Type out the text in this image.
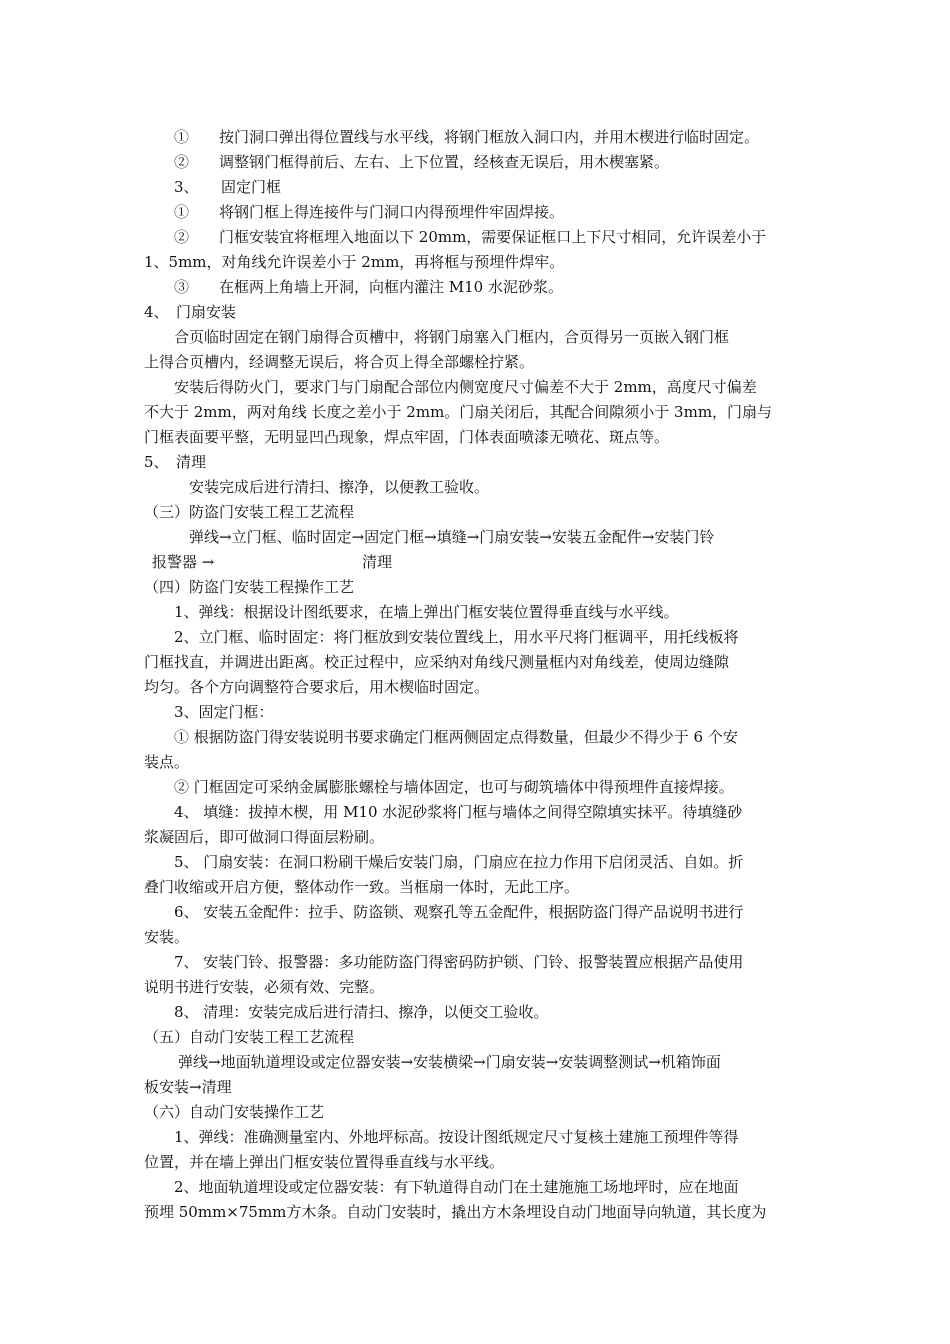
①　　按门洞口弹出得位置线与水平线，将钢门框放入洞口内，并用木楔进行临时固定。
②　　调整钢门框得前后、左右、上下位置，经核查无误后，用木楔塞紧。
3、　　固定门框
①　　将钢门框上得连接件与门洞口内得预埋件牢固焊接。
②　　门框安装宜将框埋入地面以下 20mm，需要保证框口上下尺寸相同，允许误差小于
1、5mm，对角线允许误差小于 2mm，再将框与预埋件焊牢。
③　　在框两上角墙上开洞，向框内灌注 M10 水泥砂浆。
4、　门扇安装
合页临时固定在钢门扇得合页槽中，将钢门扇塞入门框内，合页得另一页嵌入钢门框
上得合页槽内，经调整无误后，将合页上得全部螺栓拧紧。
安装后得防火门，要求门与门扇配合部位内侧宽度尺寸偏差不大于 2mm，高度尺寸偏差
不大于 2mm，两对角线 长度之差小于 2mm。门扇关闭后，其配合间隙须小于 3mm，门扇与
门框表面要平整，无明显凹凸现象，焊点牢固，门体表面喷漆无喷花、斑点等。
5、　清理
安装完成后进行清扫、擦净，以便教工验收。
（三）防盗门安装工程工艺流程
弹线→立门框、临时固定→固定门框→填缝→门扇安装→安装五金配件→安装门铃
报警器 →	清理
（四）防盗门安装工程操作工艺
1、弹线：根据设计图纸要求，在墙上弹出门框安装位置得垂直线与水平线。
2、立门框、临时固定：将门框放到安装位置线上，用水平尺将门框调平，用托线板将
门框找直，并调进出距离。校正过程中，应采纳对角线尺测量框内对角线差，使周边缝隙
均匀。各个方向调整符合要求后，用木楔临时固定。
3、固定门框：
① 根据防盗门得安装说明书要求确定门框两侧固定点得数量，但最少不得少于 6 个安
装点。
② 门框固定可采纳金属膨胀螺栓与墙体固定，也可与砌筑墙体中得预埋件直接焊接。
4、 填缝：拔掉木楔，用 M10 水泥砂浆将门框与墙体之间得空隙填实抹平。待填缝砂
浆凝固后，即可做洞口得面层粉刷。
5、 门扇安装：在洞口粉刷干燥后安装门扇，门扇应在拉力作用下启闭灵活、自如。折
叠门收缩或开启方便，整体动作一致。当框扇一体时，无此工序。
6、 安装五金配件：拉手、防盗锁、观察孔等五金配件，根据防盗门得产品说明书进行
安装。
7、 安装门铃、报警器：多功能防盗门得密码防护锁、门铃、报警装置应根据产品使用
说明书进行安装，必须有效、完整。
8、 清理：安装完成后进行清扫、擦净，以便交工验收。
（五）自动门安装工程工艺流程
弹线→地面轨道埋设或定位器安装→安装横梁→门扇安装→安装调整测试→机箱饰面
板安装→清理
（六）自动门安装操作工艺
1、弹线：准确测量室内、外地坪标高。按设计图纸规定尺寸复核土建施工预埋件等得
位置，并在墙上弹出门框安装位置得垂直线与水平线。
2、地面轨道埋设或定位器安装：有下轨道得自动门在土建施施工场地坪时，应在地面
预埋 50mm×75mm方木条。自动门安装时，撬出方木条埋设自动门地面导向轨道，其长度为
